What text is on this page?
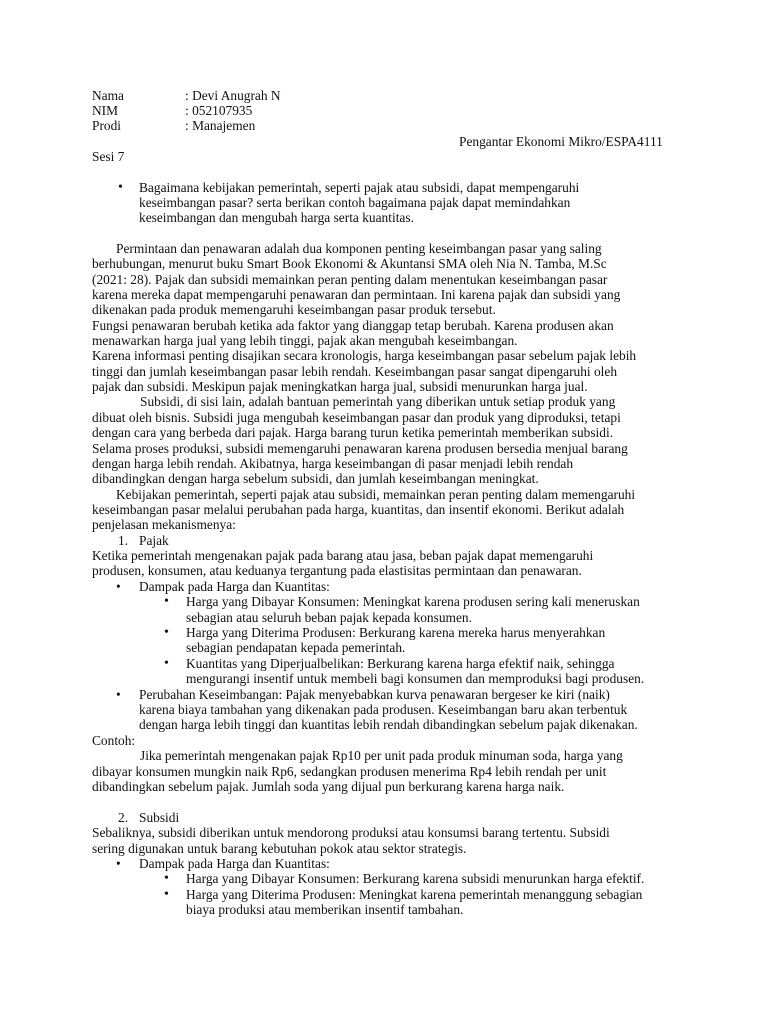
Nama	: Devi Anugrah N
NIM	: 052107935
Prodi	: Manajemen
Pengantar Ekonomi Mikro/ESPA4111
Sesi 7
• Bagaimana kebijakan pemerintah, seperti pajak atau subsidi, dapat mempengaruhi
keseimbangan pasar? serta berikan contoh bagaimana pajak dapat memindahkan
keseimbangan dan mengubah harga serta kuantitas.
Permintaan dan penawaran adalah dua komponen penting keseimbangan pasar yang saling
berhubungan, menurut buku Smart Book Ekonomi & Akuntansi SMA oleh Nia N. Tamba, M.Sc
(2021: 28). Pajak dan subsidi memainkan peran penting dalam menentukan keseimbangan pasar
karena mereka dapat mempengaruhi penawaran dan permintaan. Ini karena pajak dan subsidi yang
dikenakan pada produk memengaruhi keseimbangan pasar produk tersebut.
Fungsi penawaran berubah ketika ada faktor yang dianggap tetap berubah. Karena produsen akan
menawarkan harga jual yang lebih tinggi, pajak akan mengubah keseimbangan.
Karena informasi penting disajikan secara kronologis, harga keseimbangan pasar sebelum pajak lebih
tinggi dan jumlah keseimbangan pasar lebih rendah. Keseimbangan pasar sangat dipengaruhi oleh
pajak dan subsidi. Meskipun pajak meningkatkan harga jual, subsidi menurunkan harga jual.
Subsidi, di sisi lain, adalah bantuan pemerintah yang diberikan untuk setiap produk yang
dibuat oleh bisnis. Subsidi juga mengubah keseimbangan pasar dan produk yang diproduksi, tetapi
dengan cara yang berbeda dari pajak. Harga barang turun ketika pemerintah memberikan subsidi.
Selama proses produksi, subsidi memengaruhi penawaran karena produsen bersedia menjual barang
dengan harga lebih rendah. Akibatnya, harga keseimbangan di pasar menjadi lebih rendah
dibandingkan dengan harga sebelum subsidi, dan jumlah keseimbangan meningkat.
Kebijakan pemerintah, seperti pajak atau subsidi, memainkan peran penting dalam memengaruhi
keseimbangan pasar melalui perubahan pada harga, kuantitas, dan insentif ekonomi. Berikut adalah
penjelasan mekanismenya:
1. Pajak
Ketika pemerintah mengenakan pajak pada barang atau jasa, beban pajak dapat memengaruhi
produsen, konsumen, atau keduanya tergantung pada elastisitas permintaan dan penawaran.
• Dampak pada Harga dan Kuantitas:
• Harga yang Dibayar Konsumen: Meningkat karena produsen sering kali meneruskan
sebagian atau seluruh beban pajak kepada konsumen.
• Harga yang Diterima Produsen: Berkurang karena mereka harus menyerahkan
sebagian pendapatan kepada pemerintah.
• Kuantitas yang Diperjualbelikan: Berkurang karena harga efektif naik, sehingga
mengurangi insentif untuk membeli bagi konsumen dan memproduksi bagi produsen.
• Perubahan Keseimbangan: Pajak menyebabkan kurva penawaran bergeser ke kiri (naik)
karena biaya tambahan yang dikenakan pada produsen. Keseimbangan baru akan terbentuk
dengan harga lebih tinggi dan kuantitas lebih rendah dibandingkan sebelum pajak dikenakan.
Contoh:
Jika pemerintah mengenakan pajak Rp10 per unit pada produk minuman soda, harga yang
dibayar konsumen mungkin naik Rp6, sedangkan produsen menerima Rp4 lebih rendah per unit
dibandingkan sebelum pajak. Jumlah soda yang dijual pun berkurang karena harga naik.
2. Subsidi
Sebaliknya, subsidi diberikan untuk mendorong produksi atau konsumsi barang tertentu. Subsidi
sering digunakan untuk barang kebutuhan pokok atau sektor strategis.
• Dampak pada Harga dan Kuantitas:
• Harga yang Dibayar Konsumen: Berkurang karena subsidi menurunkan harga efektif.
• Harga yang Diterima Produsen: Meningkat karena pemerintah menanggung sebagian
biaya produksi atau memberikan insentif tambahan.
